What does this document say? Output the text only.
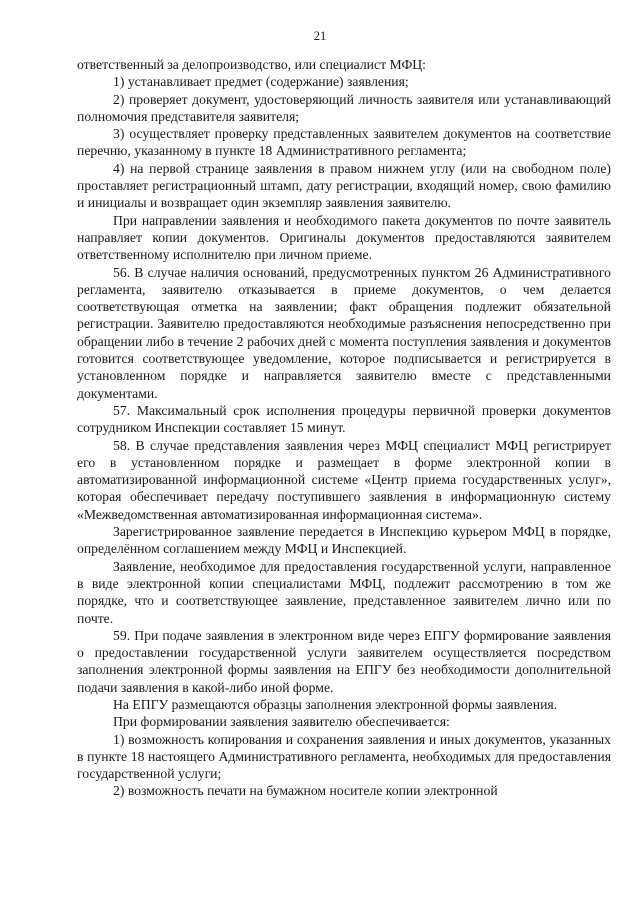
21

ответственный за делопроизводство, или специалист МФЦ:

1) устанавливает предмет (содержание) заявления;

2) проверяет документ, удостоверяющий личность заявителя или устанавливающий полномочия представителя заявителя;

3) осуществляет проверку представленных заявителем документов на соответствие перечню, указанному в пункте 18 Административного регламента;

4) на первой странице заявления в правом нижнем углу (или на свободном поле) проставляет регистрационный штамп, дату регистрации, входящий номер, свою фамилию и инициалы и возвращает один экземпляр заявления заявителю.

При направлении заявления и необходимого пакета документов по почте заявитель направляет копии документов. Оригиналы документов предоставляются заявителем ответственному исполнителю при личном приеме.

56. В случае наличия оснований, предусмотренных пунктом 26 Административного регламента, заявителю отказывается в приеме документов, о чем делается соответствующая отметка на заявлении; факт обращения подлежит обязательной регистрации. Заявителю предоставляются необходимые разъяснения непосредственно при обращении либо в течение 2 рабочих дней с момента поступления заявления и документов готовится соответствующее уведомление, которое подписывается и регистрируется в установленном порядке и направляется заявителю вместе с представленными документами.

57. Максимальный срок исполнения процедуры первичной проверки документов сотрудником Инспекции составляет 15 минут.

58. В случае представления заявления через МФЦ специалист МФЦ регистрирует его в установленном порядке и размещает в форме электронной копии в автоматизированной информационной системе «Центр приема государственных услуг», которая обеспечивает передачу поступившего заявления в информационную систему «Межведомственная автоматизированная информационная система».

Зарегистрированное заявление передается в Инспекцию курьером МФЦ в порядке, определённом соглашением между МФЦ и Инспекцией.

Заявление, необходимое для предоставления государственной услуги, направленное в виде электронной копии специалистами МФЦ, подлежит рассмотрению в том же порядке, что и соответствующее заявление, представленное заявителем лично или по почте.

59. При подаче заявления в электронном виде через ЕПГУ формирование заявления о предоставлении государственной услуги заявителем осуществляется посредством заполнения электронной формы заявления на ЕПГУ без необходимости дополнительной подачи заявления в какой-либо иной форме.

На ЕПГУ размещаются образцы заполнения электронной формы заявления.

При формировании заявления заявителю обеспечивается:

1) возможность копирования и сохранения заявления и иных документов, указанных в пункте 18 настоящего Административного регламента, необходимых для предоставления государственной услуги;

2) возможность печати на бумажном носителе копии электронной
